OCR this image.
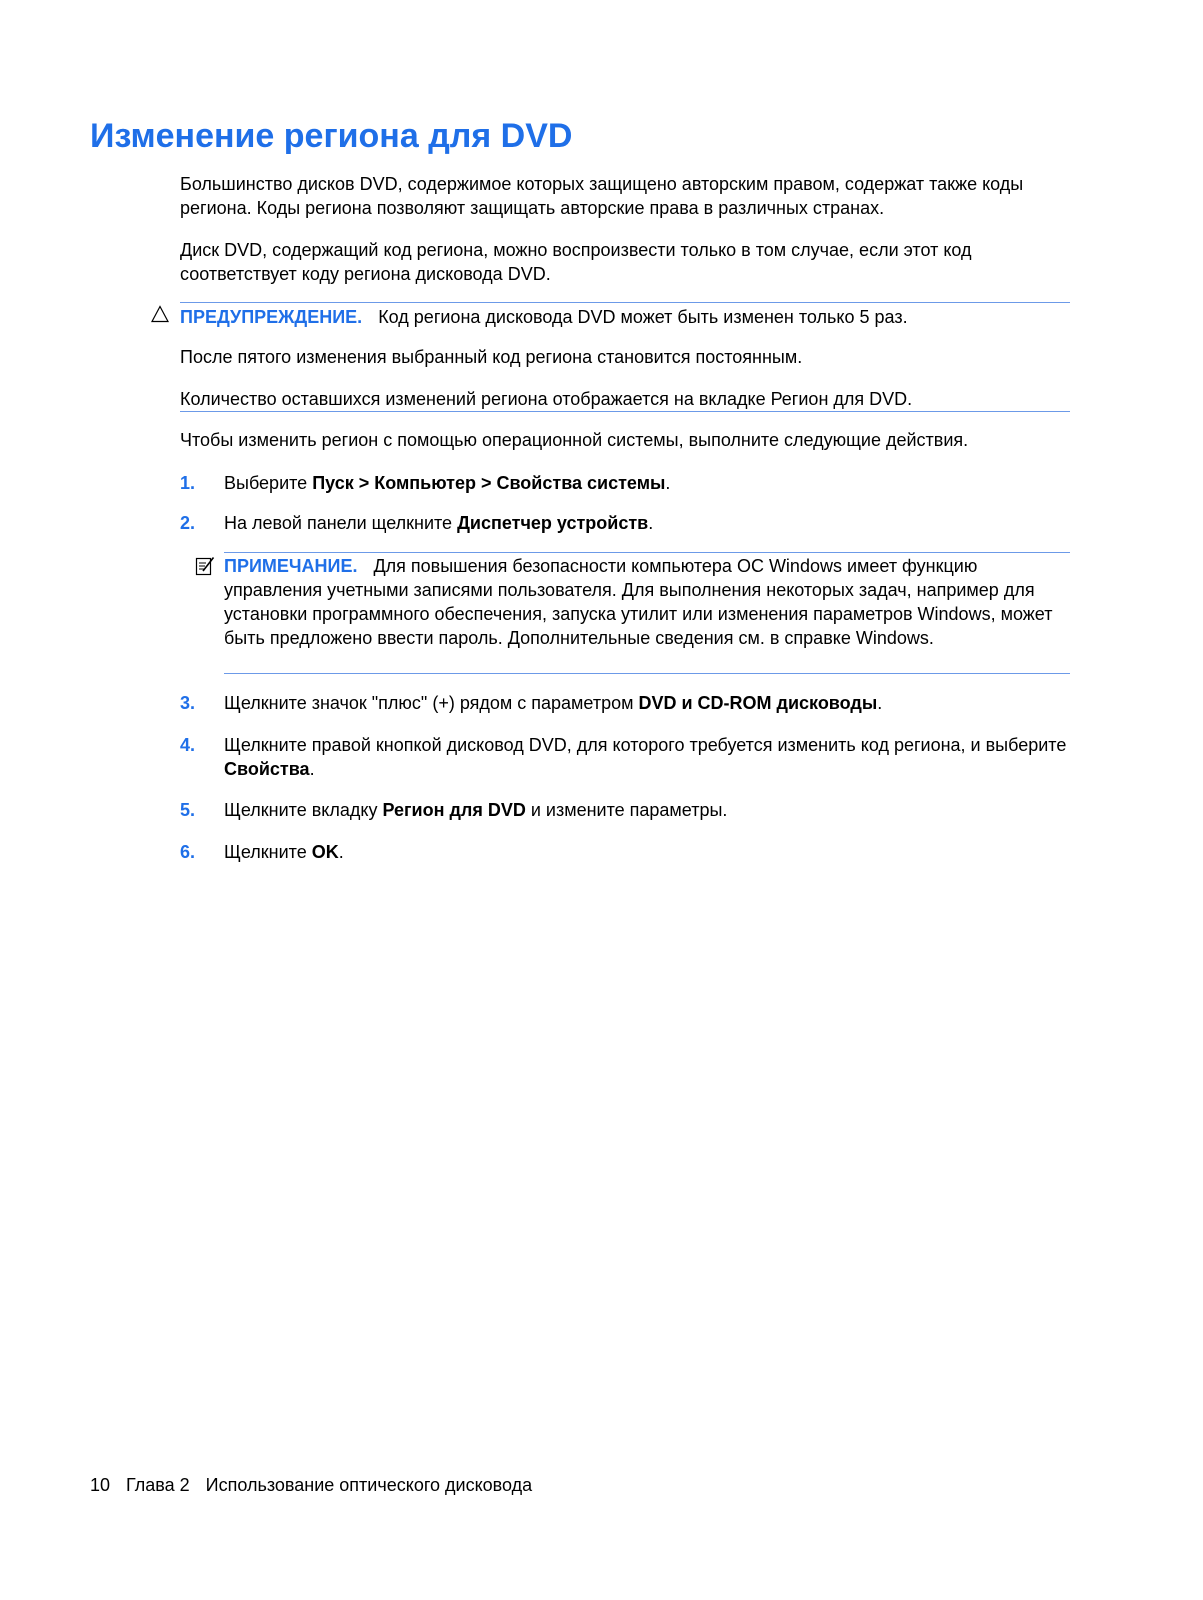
Изменение региона для DVD

Большинство дисков DVD, содержимое которых защищено авторским правом, содержат также коды региона. Коды региона позволяют защищать авторские права в различных странах.

Диск DVD, содержащий код региона, можно воспроизвести только в том случае, если этот код соответствует коду региона дисковода DVD.

ПРЕДУПРЕЖДЕНИЕ. Код региона дисковода DVD может быть изменен только 5 раз.

После пятого изменения выбранный код региона становится постоянным.

Количество оставшихся изменений региона отображается на вкладке Регион для DVD.

Чтобы изменить регион с помощью операционной системы, выполните следующие действия.

1. Выберите Пуск > Компьютер > Свойства системы.
2. На левой панели щелкните Диспетчер устройств.
ПРИМЕЧАНИЕ. Для повышения безопасности компьютера ОС Windows имеет функцию управления учетными записями пользователя. Для выполнения некоторых задач, например для установки программного обеспечения, запуска утилит или изменения параметров Windows, может быть предложено ввести пароль. Дополнительные сведения см. в справке Windows.
3. Щелкните значок "плюс" (+) рядом с параметром DVD и CD-ROM дисководы.
4. Щелкните правой кнопкой дисковод DVD, для которого требуется изменить код региона, и выберите Свойства.
5. Щелкните вкладку Регион для DVD и измените параметры.
6. Щелкните OK.
10 Глава 2 Использование оптического дисковода
